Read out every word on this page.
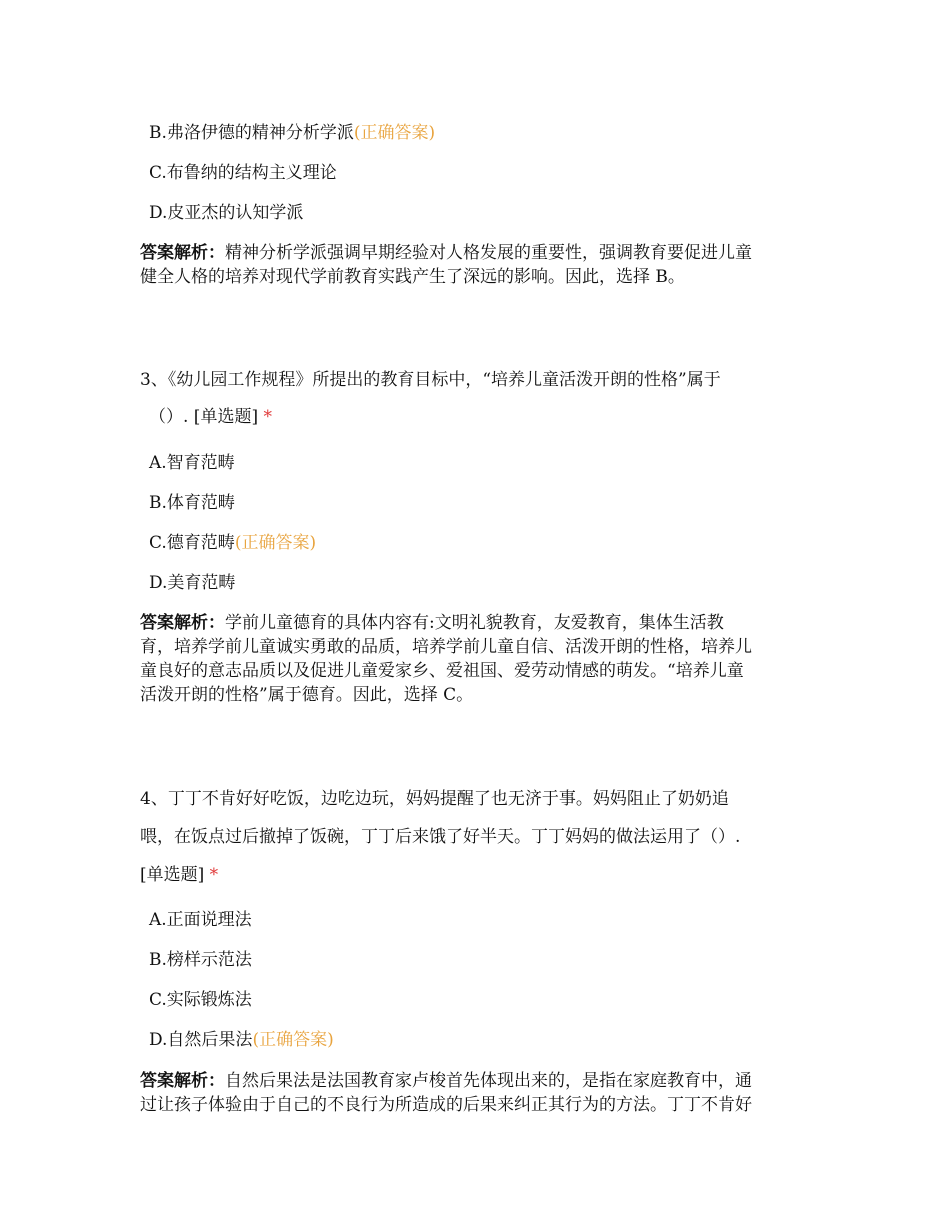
B.弗洛伊德的精神分析学派(正确答案)
C.布鲁纳的结构主义理论
D.皮亚杰的认知学派
答案解析：精神分析学派强调早期经验对人格发展的重要性，强调教育要促进儿童
健全人格的培养对现代学前教育实践产生了深远的影响。因此，选择 B。
3、《幼儿园工作规程》所提出的教育目标中，“培养儿童活泼开朗的性格”属于
（）. [单选题] *
A.智育范畴
B.体育范畴
C.德育范畴(正确答案)
D.美育范畴
答案解析：学前儿童德育的具体内容有:文明礼貌教育，友爱教育，集体生活教
育，培养学前儿童诚实勇敢的品质，培养学前儿童自信、活泼开朗的性格，培养儿
童良好的意志品质以及促进儿童爱家乡、爱祖国、爱劳动情感的萌发。“培养儿童
活泼开朗的性格”属于德育。因此，选择 C。
4、丁丁不肯好好吃饭，边吃边玩，妈妈提醒了也无济于事。妈妈阻止了奶奶追
喂，在饭点过后撤掉了饭碗，丁丁后来饿了好半天。丁丁妈妈的做法运用了（）.
[单选题] *
A.正面说理法
B.榜样示范法
C.实际锻炼法
D.自然后果法(正确答案)
答案解析：自然后果法是法国教育家卢梭首先体现出来的，是指在家庭教育中，通
过让孩子体验由于自己的不良行为所造成的后果来纠正其行为的方法。丁丁不肯好
